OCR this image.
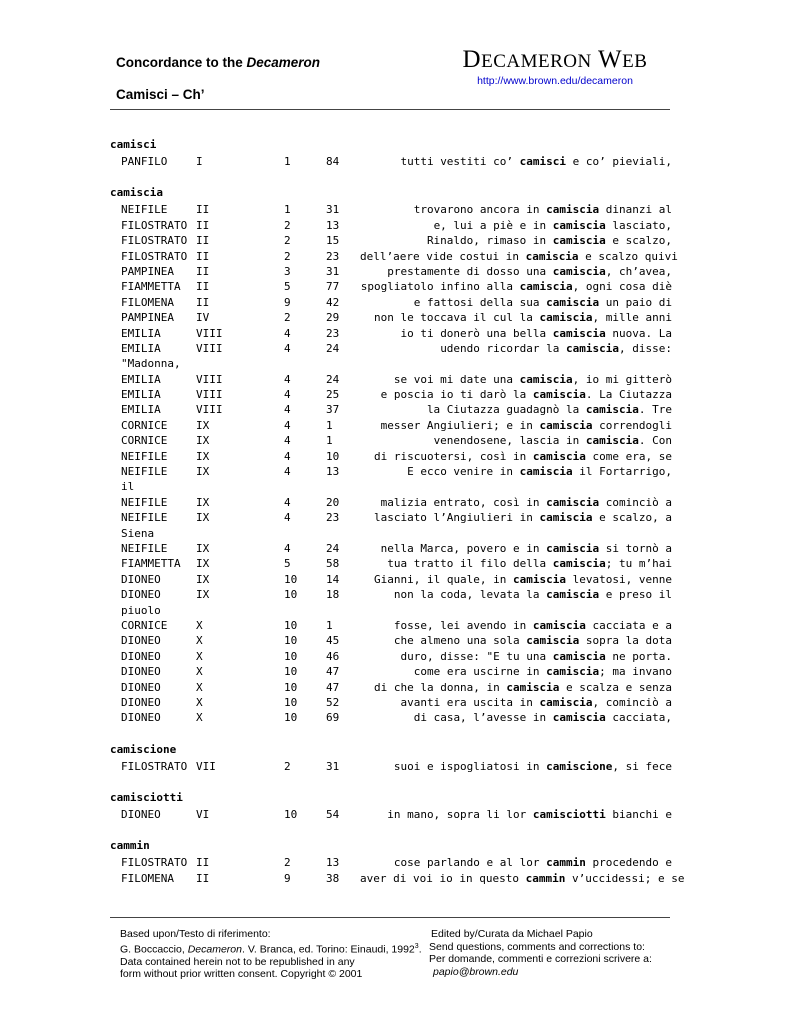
Concordance to the Decameron
Camisci – Ch’
DECAMERON WEB
http://www.brown.edu/decameron
camisci
PANFILO	I	1	84	tutti vestiti co’ camisci e co’ pieviali,
camiscia
NEIFILE	II	1	31	trovarono ancora in camiscia dinanzi al
FILOSTRATO II	2	13	e, lui a piè e in camiscia lasciato,
FILOSTRATO II	2	15	Rinaldo, rimaso in camiscia e scalzo,
FILOSTRATO II	2	23 dell’aere vide costui in camiscia e scalzo quivi
PAMPINEA II	3	31	prestamente di dosso una camiscia, ch’avea,
FIAMMETTA II	5	77 spogliatolo infino alla camiscia, ogni cosa diè
FILOMENA II	9	42	e fattosi della sua camiscia un paio di
PAMPINEA IV	2	29	non le toccava il cul la camiscia, mille anni
EMILIA	VIII	4	23	io ti donerò una bella camiscia nuova. La
EMILIA	VIII	4	24	udendo ricordar la camiscia, disse:
"Madonna,
EMILIA	VIII	4	24	se voi mi date una camiscia, io mi gitterò
EMILIA	VIII	4	25	e poscia io ti darò la camiscia. La Ciutazza
EMILIA	VIII	4	37	la Ciutazza guadagnò la camiscia. Tre
CORNICE	IX	4	1	messer Angiulieri; e in camiscia correndogli
CORNICE	IX	4	1	venendosene, lascia in camiscia. Con
NEIFILE	IX	4	10	di riscuotersi, così in camiscia come era, se
NEIFILE	IX	4	13	E ecco venire in camiscia il Fortarrigo,
il
NEIFILE	IX	4	20	malizia entrato, così in camiscia cominciò a
NEIFILE	IX	4	23	lasciato l’Angiulieri in camiscia e scalzo, a
Siena
NEIFILE	IX	4	24	nella Marca, povero e in camiscia si tornò a
FIAMMETTA IX	5	58	tua tratto il filo della camiscia; tu m’hai
DIONEO	IX	10	14	Gianni, il quale, in camiscia levatosi, venne
DIONEO	IX	10	18	non la coda, levata la camiscia e preso il
piuolo
CORNICE	X	10	1	fosse, lei avendo in camiscia cacciata e a
DIONEO	X	10	45	che almeno una sola camiscia sopra la dota
DIONEO	X	10	46	duro, disse: "E tu una camiscia ne porta.
DIONEO	X	10	47	come era uscirne in camiscia; ma invano
DIONEO	X	10	47	di che la donna, in camiscia e scalza e senza
DIONEO	X	10	52	avanti era uscita in camiscia, cominciò a
DIONEO	X	10	69	di casa, l’avesse in camiscia cacciata,
camiscione
FILOSTRATO VII	2	31	suoi e ispogliatosi in camiscione, si fece
camisciotti
DIONEO	VI	10	54	in mano, sopra li lor camisciotti bianchi e
cammin
FILOSTRATO II	2	13	cose parlando e al lor cammin procedendo e
FILOMENA II	9	38 aver di voi io in questo cammin v’uccidessi; e se
Based upon/Testo di riferimento:
G. Boccaccio, Decameron. V. Branca, ed. Torino: Einaudi, 1992$^3$.
Data contained herein not to be republished in any
form without prior written consent. Copyright © 2001
Edited by/Curata da Michael Papio
Send questions, comments and corrections to:
Per domande, commenti e correzioni scrivere a:
papio@brown.edu
